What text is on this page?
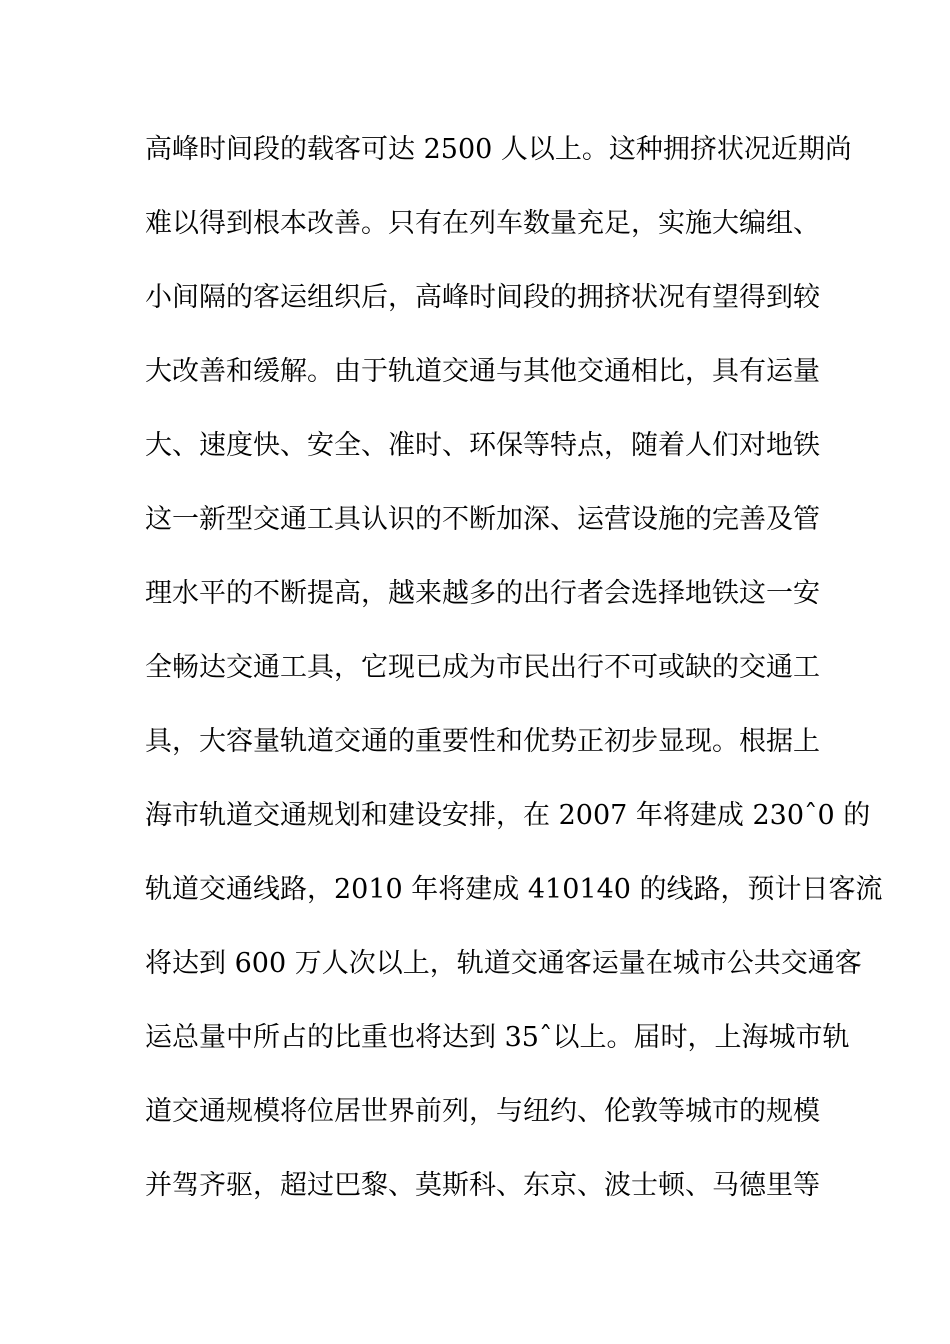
高峰时间段的载客可达 2500 人以上。这种拥挤状况近期尚
难以得到根本改善。只有在列车数量充足，实施大编组、
小间隔的客运组织后，高峰时间段的拥挤状况有望得到较
大改善和缓解。由于轨道交通与其他交通相比，具有运量
大、速度快、安全、准时、环保等特点，随着人们对地铁
这一新型交通工具认识的不断加深、运营设施的完善及管
理水平的不断提高，越来越多的出行者会选择地铁这一安
全畅达交通工具，它现已成为市民出行不可或缺的交通工
具，大容量轨道交通的重要性和优势正初步显现。根据上
海市轨道交通规划和建设安排，在 2007 年将建成 230ˆ0 的
轨道交通线路，2010 年将建成 410140 的线路，预计日客流
将达到 600 万人次以上，轨道交通客运量在城市公共交通客
运总量中所占的比重也将达到 35ˆ以上。届时，上海城市轨
道交通规模将位居世界前列，与纽约、伦敦等城市的规模
并驾齐驱，超过巴黎、莫斯科、东京、波士顿、马德里等
